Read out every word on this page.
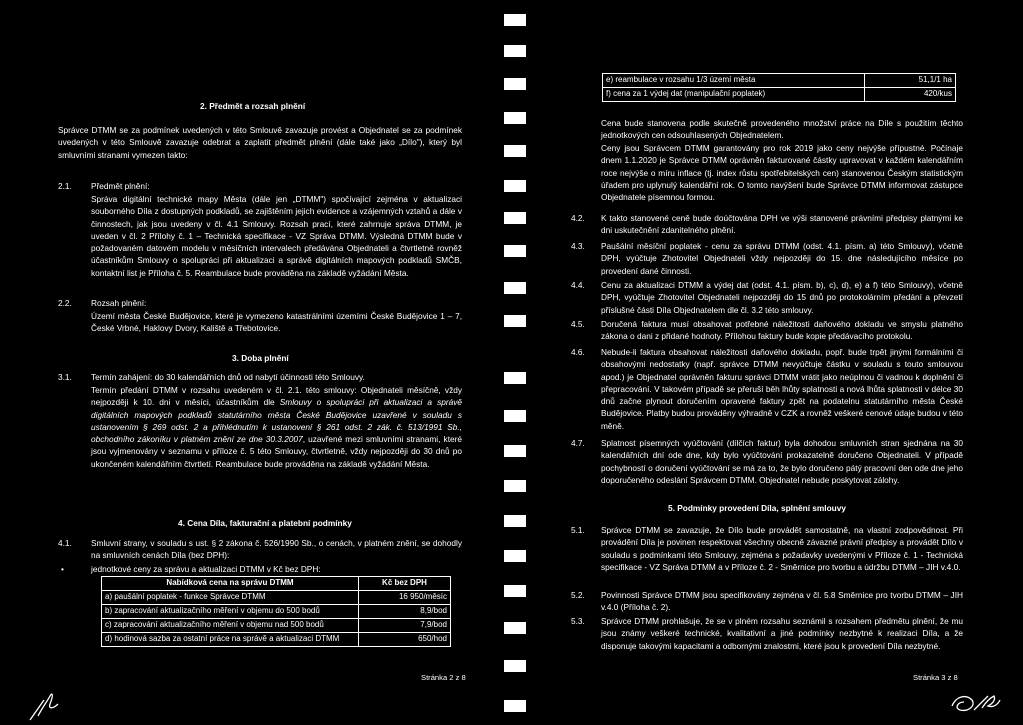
2. Předmět a rozsah plnění
Správce DTMM se za podmínek uvedených v této Smlouvě zavazuje provést a Objednatel se za podmínek uvedených v této Smlouvě zavazuje odebrat a zaplatit předmět plnění (dále také jako „Dílo"), který byl smluvními stranami vymezen takto:
2.1. Předmět plnění:
Správa digitální technické mapy Města (dále jen „DTMM") spočívající zejména v aktualizaci souborného Díla z dostupných podkladů, se zajištěním jejich evidence a vzájemných vztahů a dále v činnostech, jak jsou uvedeny v čl. 4.1 Smlouvy. Rozsah prací, které zahrnuje správa DTMM, je uveden v čl. 2 Přílohy č. 1 – Technická specifikace - VZ Správa DTMM. Výsledná DTMM bude v požadovaném datovém modelu v měsíčních intervalech předávána Objednateli a čtvrtletně rovněž účastníkům Smlouvy o spolupráci při aktualizaci a správě digitálních mapových podkladů SMČB, kontaktní list je Příloha č. 5. Reambulace bude prováděna na základě vyžádání Města.
2.2. Rozsah plnění:
Území města České Budějovice, které je vymezeno katastrálními územími České Budějovice 1 – 7, České Vrbné, Haklovy Dvory, Kaliště a Třebotovice.
3. Doba plnění
3.1. Termín zahájení: do 30 kalendářních dnů od nabytí účinnosti této Smlouvy.
Termín předání DTMM v rozsahu uvedeném v čl. 2.1. této smlouvy: Objednateli měsíčně, vždy nejpozději k 10. dni v měsíci, účastníkům dle Smlouvy o spolupráci při aktualizaci a správě digitálních mapových podkladů statutárního města České Budějovice uzavřené v souladu s ustanovením § 269 odst. 2 a přihlédnutím k ustanovení § 261 odst. 2 zák. č. 513/1991 Sb., obchodního zákoníku v platném znění ze dne 30.3.2007, uzavřené mezi smluvními stranami, které jsou vyjmenovány v seznamu v příloze č. 5 této Smlouvy, čtvrtletně, vždy nejpozději do 30 dnů po ukončeném kalendářním čtvrtletí. Reambulace bude prováděna na základě vyžádání Města.
4. Cena Díla, fakturační a platební podmínky
4.1. Smluvní strany, v souladu s ust. § 2 zákona č. 526/1990 Sb., o cenách, v platném znění, se dohodly na smluvních cenách Díla (bez DPH):
•	jednotkové ceny za správu a aktualizaci DTMM v Kč bez DPH:
Nabídková cena na správu DTMM	Kč bez DPH
a) paušální poplatek - funkce Správce DTMM	16 950/měsíc
b) zapracování aktualizačního měření v objemu do 500 bodů	8,9/bod
c) zapracování aktualizačního měření v objemu nad 500 bodů	7,9/bod
d) hodinová sazba za ostatní práce na správě a aktualizaci DTMM	650/hod
Stránka 2 z 8
e) reambulace v rozsahu 1/3 území města	51,1/1 ha
f) cena za 1 výdej dat (manipulační poplatek)	420/kus
Cena bude stanovena podle skutečně provedeného množství práce na Díle s použitím těchto jednotkových cen odsouhlasených Objednatelem.
Ceny jsou Správcem DTMM garantovány pro rok 2019 jako ceny nejvýše přípustné. Počínaje dnem 1.1.2020 je Správce DTMM oprávněn fakturované částky upravovat v každém kalendářním roce nejvýše o míru inflace (tj. index růstu spotřebitelských cen) stanovenou Českým statistickým úřadem pro uplynulý kalendářní rok. O tomto navýšení bude Správce DTMM informovat zástupce Objednatele písemnou formou.
4.2. K takto stanovené ceně bude doúčtována DPH ve výši stanovené právními předpisy platnými ke dni uskutečnění zdanitelného plnění.
4.3. Paušální měsíční poplatek - cenu za správu DTMM (odst. 4.1. písm. a) této Smlouvy), včetně DPH, vyúčtuje Zhotovitel Objednateli vždy nejpozději do 15. dne následujícího měsíce po provedení dané činnosti.
4.4. Cenu za aktualizaci DTMM a výdej dat (odst. 4.1. písm. b), c), d), e) a f) této Smlouvy), včetně DPH, vyúčtuje Zhotovitel Objednateli nejpozději do 15 dnů po protokolárním předání a převzetí příslušné části Díla Objednatelem dle čl. 3.2 této smlouvy.
4.5. Doručená faktura musí obsahovat potřebné náležitosti daňového dokladu ve smyslu platného zákona o dani z přidané hodnoty. Přílohou faktury bude kopie předávacího protokolu.
4.6. Nebude-li faktura obsahovat náležitosti daňového dokladu, popř. bude trpět jinými formálními či obsahovými nedostatky (např. správce DTMM nevyúčtuje částku v souladu s touto smlouvou apod.) je Objednatel oprávněn fakturu správci DTMM vrátit jako neúplnou či vadnou k doplnění či přepracování. V takovém případě se přeruší běh lhůty splatnosti a nová lhůta splatnosti v délce 30 dnů začne plynout doručením opravené faktury zpět na podatelnu statutárního města České Budějovice. Platby budou prováděny výhradně v CZK a rovněž veškeré cenové údaje budou v této měně.
4.7. Splatnost písemných vyúčtování (dílčích faktur) byla dohodou smluvních stran sjednána na 30 kalendářních dní ode dne, kdy bylo vyúčtování prokazatelně doručeno Objednateli. V případě pochybností o doručení vyúčtování se má za to, že bylo doručeno pátý pracovní den ode dne jeho doporučeného odeslání Správcem DTMM. Objednatel nebude poskytovat zálohy.
5. Podmínky provedení Díla, splnění smlouvy
5.1. Správce DTMM se zavazuje, že Dílo bude provádět samostatně, na vlastní zodpovědnost. Při provádění Díla je povinen respektovat všechny obecně závazné právní předpisy a provádět Dílo v souladu s podmínkami této Smlouvy, zejména s požadavky uvedenými v Příloze č. 1 - Technická specifikace - VZ Správa DTMM a v Příloze č. 2 - Směrnice pro tvorbu a údržbu DTMM – JIH v.4.0.
5.2. Povinnosti Správce DTMM jsou specifikovány zejména v čl. 5.8 Směrnice pro tvorbu DTMM – JIH v.4.0 (Příloha č. 2).
5.3. Správce DTMM prohlašuje, že se v plném rozsahu seznámil s rozsahem předmětu plnění, že mu jsou známy veškeré technické, kvalitativní a jiné podmínky nezbytné k realizaci Díla, a že disponuje takovými kapacitami a odbornými znalostmi, které jsou k provedení Díla nezbytné.
Stránka 3 z 8
